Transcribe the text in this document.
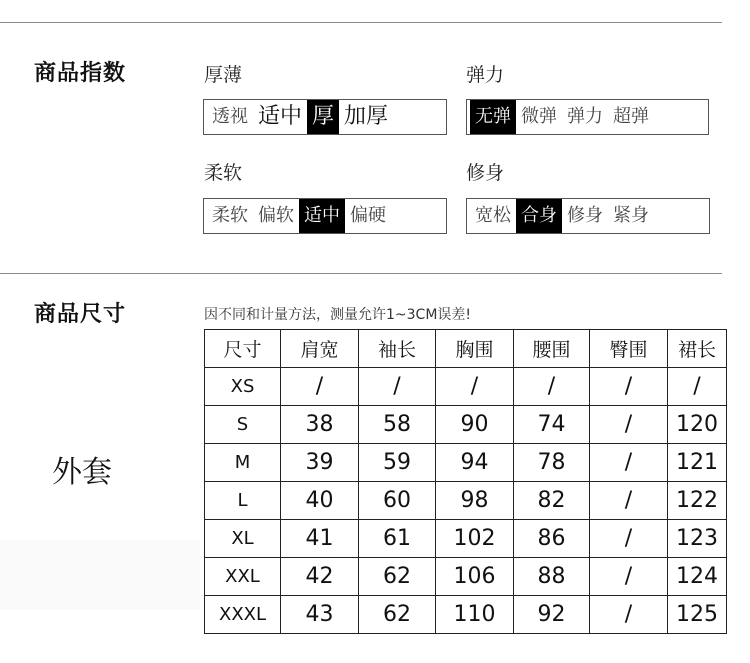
商品指数	厚薄
透视 适中 厚 加厚
弹力
无弹 微弹 弹力 超弹
柔软
柔软 偏软 适中 偏硬
修身
宽松 合身 修身 紧身
商品尺寸	因不同和计量方法，测量允许1~3CM误差!
外套
尺寸	肩宽	袖长	胸围	腰围	臀围	裙长
XS	/	/	/	/	/	/
S	38	58	90	74	/	120
M	39	59	94	78	/	121
L	40	60	98	82	/	122
XL	41	61	102	86	/	123
XXL	42	62	106	88	/	124
XXXL	43	62	110	92	/	125
